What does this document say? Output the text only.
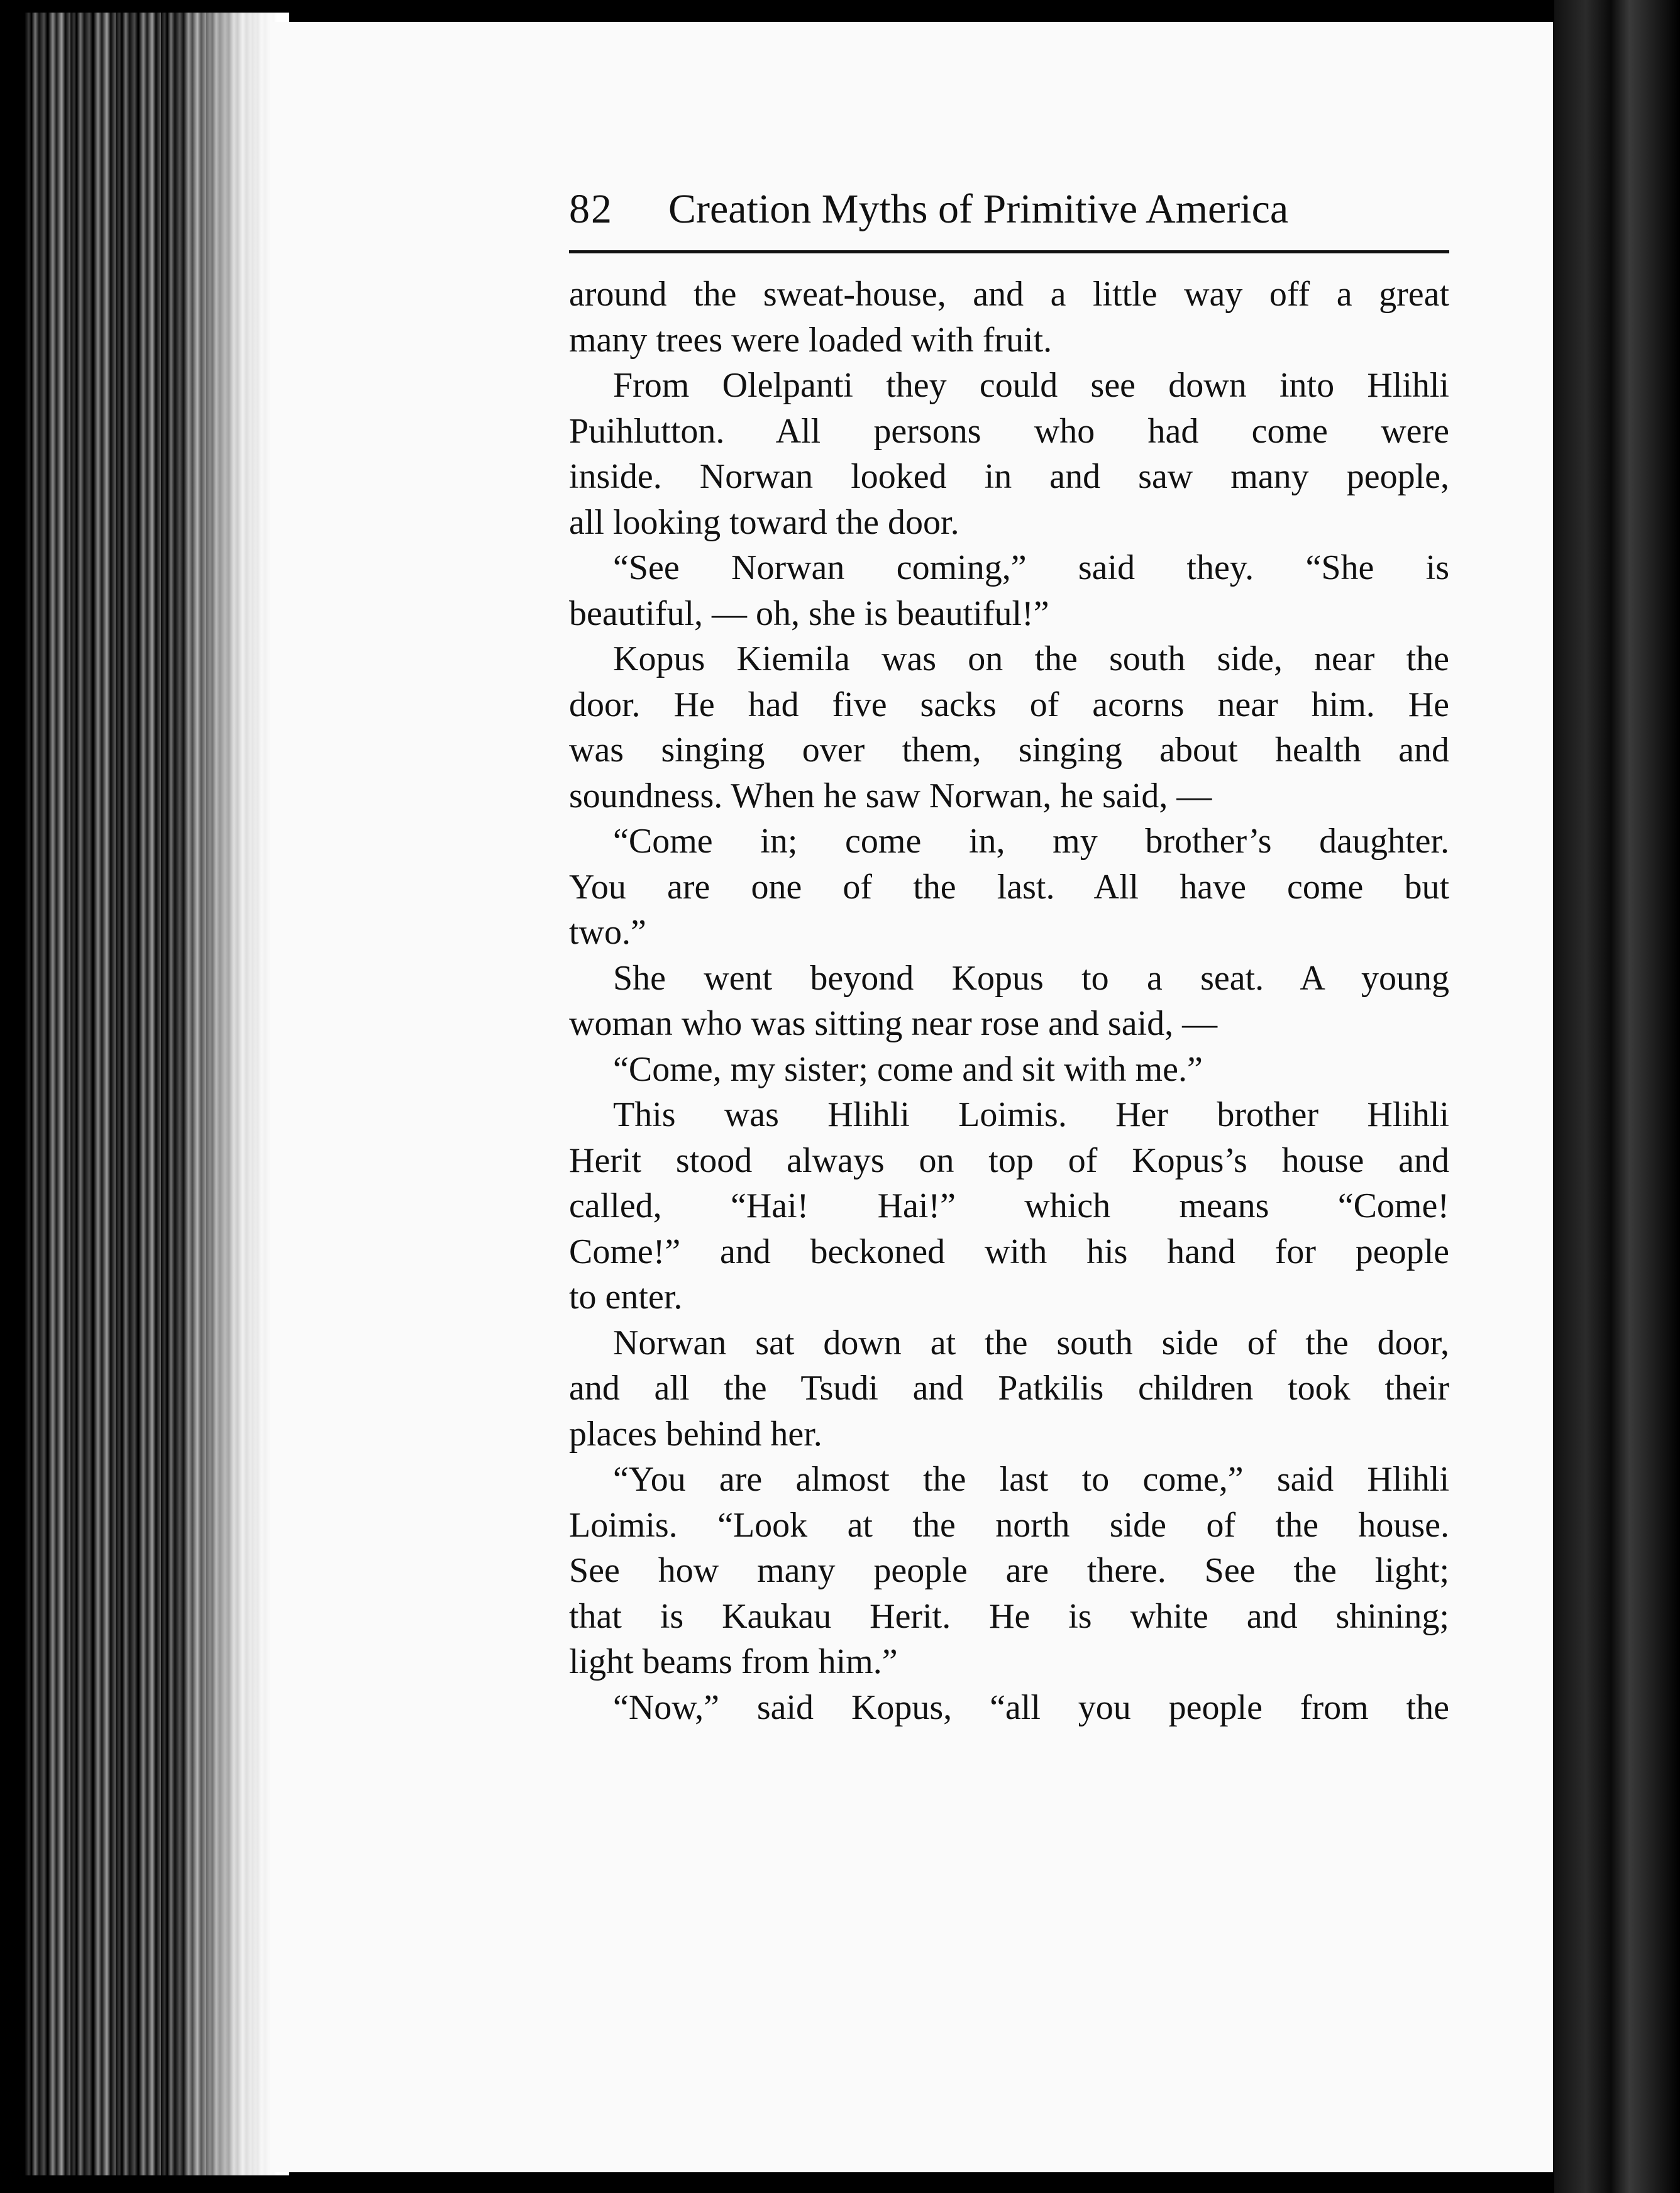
82 Creation Myths of Primitive America
around the sweat-house, and a little way off a great
many trees were loaded with fruit.
From Olelpanti they could see down into Hlihli
Puihlutton. All persons who had come were
inside. Norwan looked in and saw many people,
all looking toward the door.
“See Norwan coming,” said they. “She is
beautiful, — oh, she is beautiful!”
Kopus Kiemila was on the south side, near the
door. He had five sacks of acorns near him. He
was singing over them, singing about health and
soundness. When he saw Norwan, he said, —
“Come in; come in, my brother’s daughter.
You are one of the last. All have come but
two.”
She went beyond Kopus to a seat. A young
woman who was sitting near rose and said, —
“Come, my sister; come and sit with me.”
This was Hlihli Loimis. Her brother Hlihli
Herit stood always on top of Kopus’s house and
called, “Hai! Hai!” which means “Come!
Come!” and beckoned with his hand for people
to enter.
Norwan sat down at the south side of the door,
and all the Tsudi and Patkilis children took their
places behind her.
“You are almost the last to come,” said Hlihli
Loimis. “Look at the north side of the house.
See how many people are there. See the light;
that is Kaukau Herit. He is white and shining;
light beams from him.”
“Now,” said Kopus, “all you people from the
